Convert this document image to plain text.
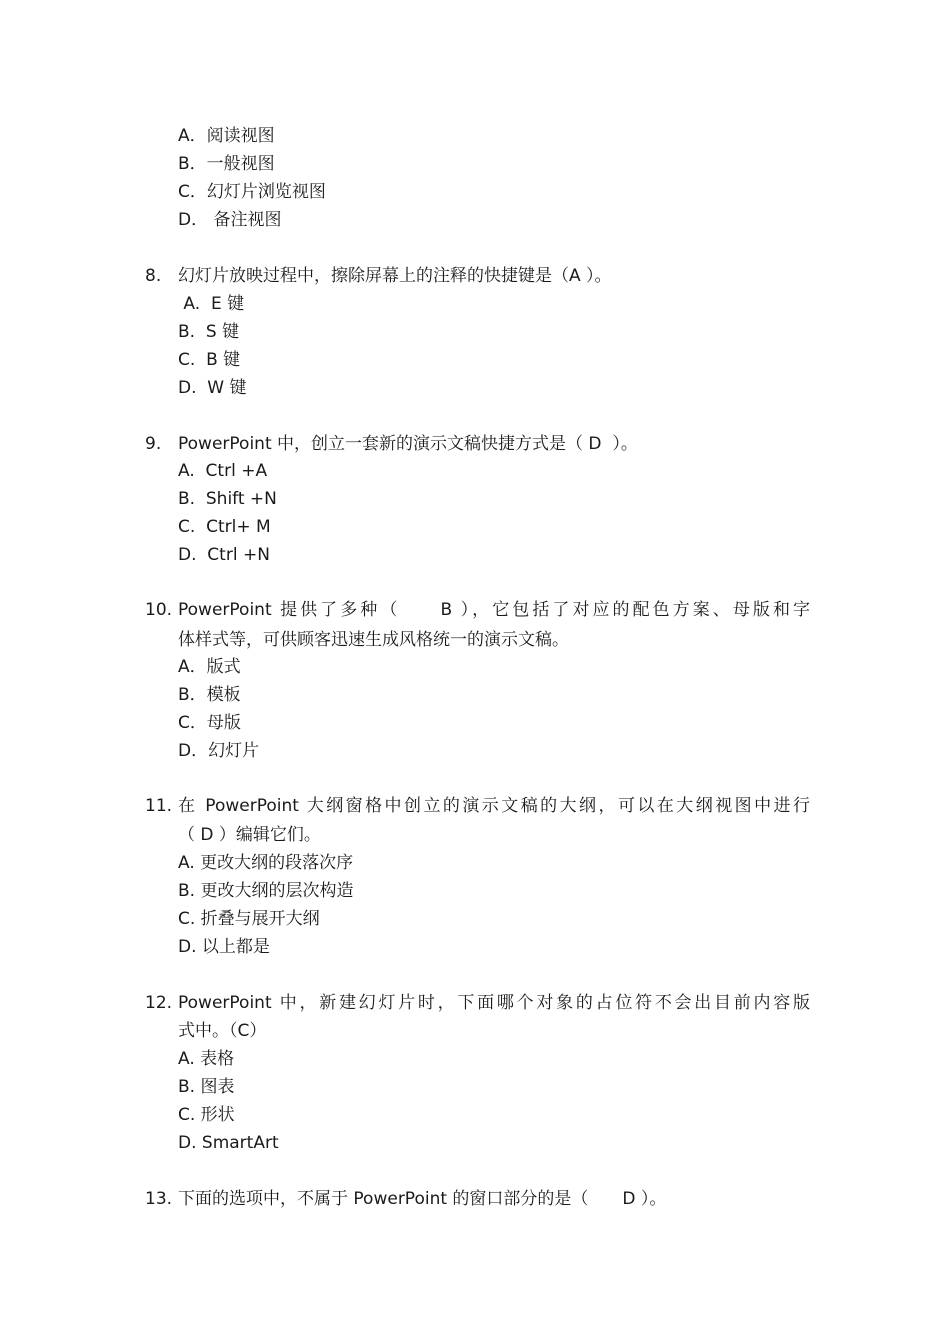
A．阅读视图
B．一般视图
C．幻灯片浏览视图
D． 备注视图
8. 幻灯片放映过程中，擦除屏幕上的注释的快捷键是（A ）。
A.  E 键
B.  S 键
C.  B 键
D.  W 键
9. PowerPoint 中，创立一套新的演示文稿快捷方式是（ D  ）。
A.  Ctrl +A
B.  Shift +N
C.  Ctrl+ M
D.  Ctrl +N
10. PowerPoint 提供了多种（　　B ），它包括了对应的配色方案、母版和字
体样式等，可供顾客迅速生成风格统一的演示文稿。
A．版式
B．模板
C．母版
D．幻灯片
11. 在 PowerPoint 大纲窗格中创立的演示文稿的大纲，可以在大纲视图中进行
（ D ）编辑它们。
A. 更改大纲的段落次序
B. 更改大纲的层次构造
C. 折叠与展开大纲
D. 以上都是
12. PowerPoint 中，新建幻灯片时，下面哪个对象的占位符不会出目前内容版
式中。（C）
A. 表格
B. 图表
C. 形状
D. SmartArt
13. 下面的选项中，不属于 PowerPoint 的窗口部分的是（　　D ）。
